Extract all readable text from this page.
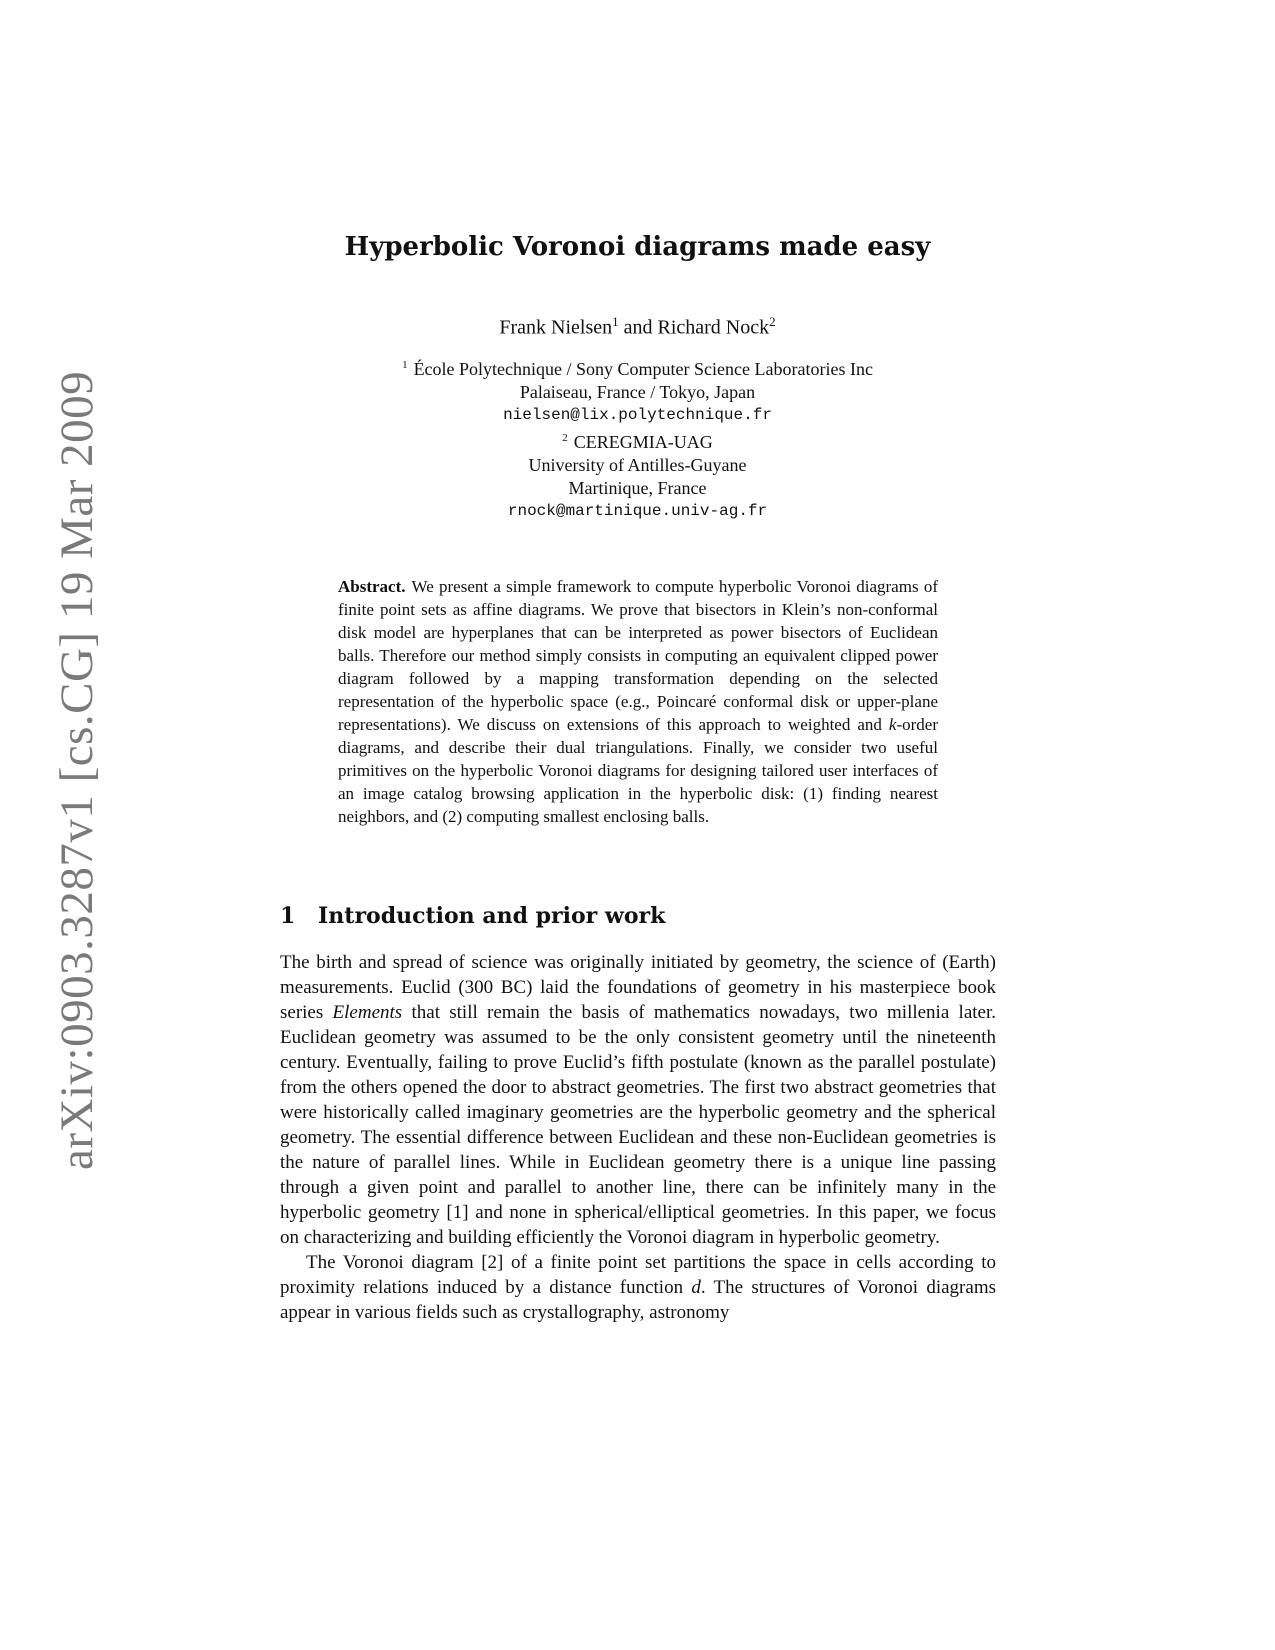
arXiv:0903.3287v1 [cs.CG] 19 Mar 2009
Hyperbolic Voronoi diagrams made easy
Frank Nielsen$^1$ and Richard Nock$^2$
$^1$ École Polytechnique / Sony Computer Science Laboratories Inc
Palaiseau, France / Tokyo, Japan
nielsen@lix.polytechnique.fr
$^2$ CEREGMIA-UAG
University of Antilles-Guyane
Martinique, France
rnock@martinique.univ-ag.fr
Abstract. We present a simple framework to compute hyperbolic Voronoi diagrams of finite point sets as affine diagrams. We prove that bisectors in Klein’s non-conformal disk model are hyperplanes that can be interpreted as power bisectors of Euclidean balls. Therefore our method simply consists in computing an equivalent clipped power diagram followed by a mapping transformation depending on the selected representation of the hyperbolic space (e.g., Poincaré conformal disk or upper-plane representations). We discuss on extensions of this approach to weighted and k-order diagrams, and describe their dual triangulations. Finally, we consider two useful primitives on the hyperbolic Voronoi diagrams for designing tailored user interfaces of an image catalog browsing application in the hyperbolic disk: (1) finding nearest neighbors, and (2) computing smallest enclosing balls.
1 Introduction and prior work

The birth and spread of science was originally initiated by geometry, the science of (Earth) measurements. Euclid (300 BC) laid the foundations of geometry in his masterpiece book series Elements that still remain the basis of mathematics nowadays, two millenia later. Euclidean geometry was assumed to be the only consistent geometry until the nineteenth century. Eventually, failing to prove Euclid’s fifth postulate (known as the parallel postulate) from the others opened the door to abstract geometries. The first two abstract geometries that were historically called imaginary geometries are the hyperbolic geometry and the spherical geometry. The essential difference between Euclidean and these non-Euclidean geometries is the nature of parallel lines. While in Euclidean geometry there is a unique line passing through a given point and parallel to another line, there can be infinitely many in the hyperbolic geometry [1] and none in spherical/elliptical geometries. In this paper, we focus on characterizing and building efficiently the Voronoi diagram in hyperbolic geometry.

The Voronoi diagram [2] of a finite point set partitions the space in cells according to proximity relations induced by a distance function d. The structures of Voronoi diagrams appear in various fields such as crystallography, astronomy
